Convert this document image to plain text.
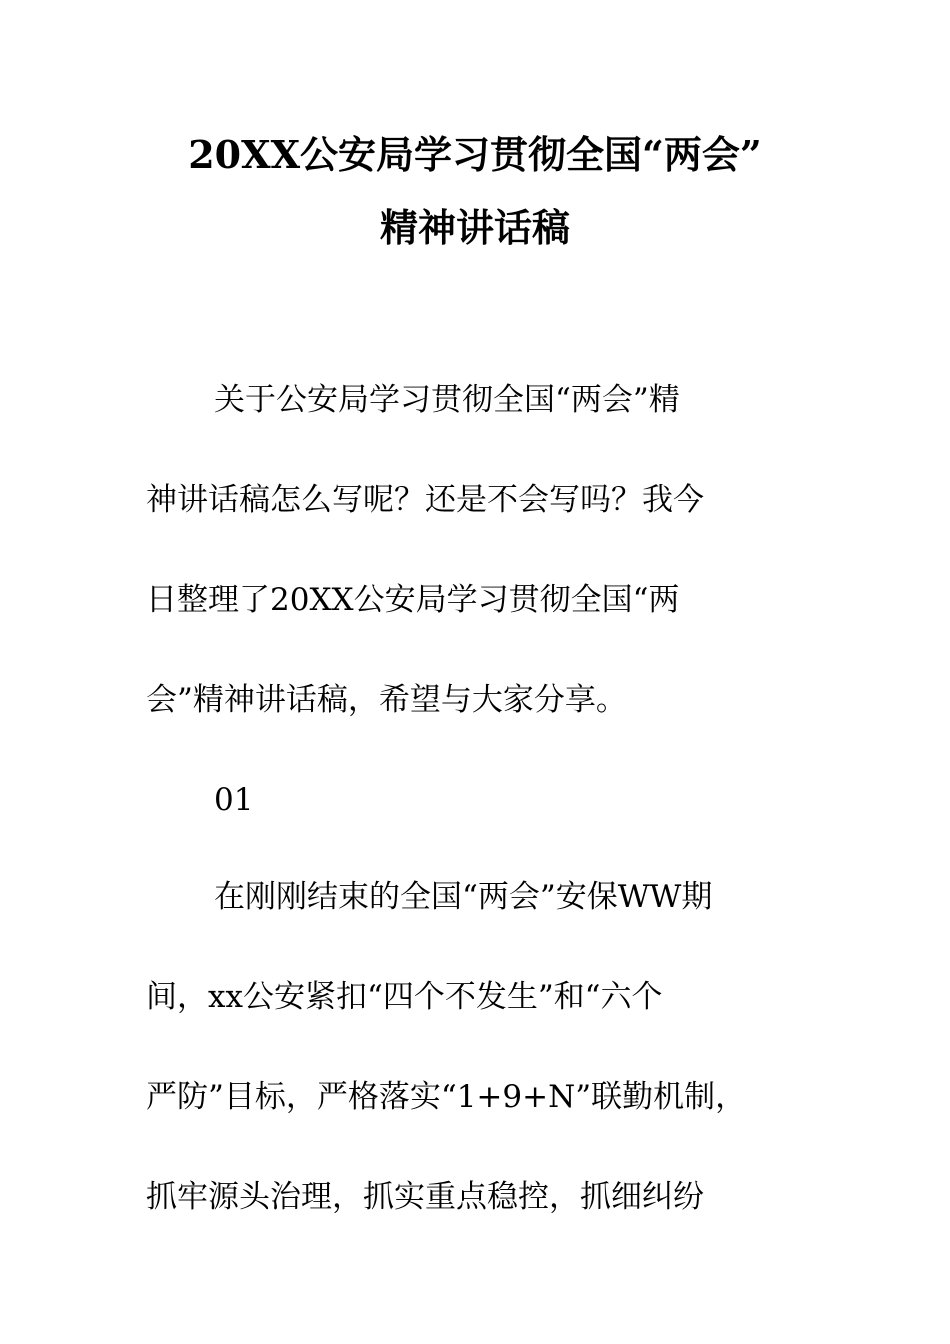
20XX公安局学习贯彻全国“两会”
精神讲话稿
关于公安局学习贯彻全国“两会”精
神讲话稿怎么写呢？还是不会写吗？我今
日整理了20XX公安局学习贯彻全国“两
会”精神讲话稿，希望与大家分享。
01
在刚刚结束的全国“两会”安保WW期
间，xx公安紧扣“四个不发生”和“六个
严防”目标，严格落实“1+9+N”联勤机制，
抓牢源头治理，抓实重点稳控，抓细纠纷
